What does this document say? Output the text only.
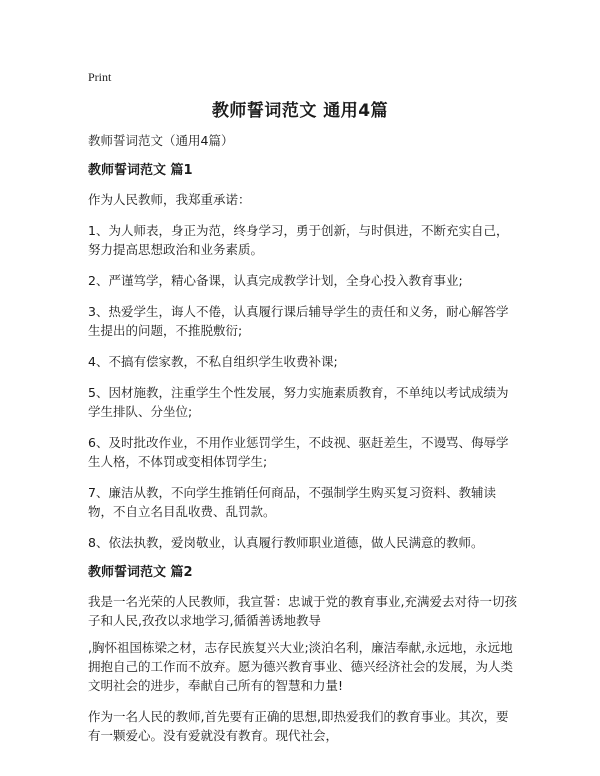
Print
教师誓词范文 通用4篇
教师誓词范文（通用4篇）
教师誓词范文 篇1

作为人民教师，我郑重承诺：

1、为人师表，身正为范，终身学习，勇于创新，与时俱进，不断充实自己，努力提高思想政治和业务素质。

2、严谨笃学，精心备课，认真完成教学计划，全身心投入教育事业;

3、热爱学生，诲人不倦，认真履行课后辅导学生的责任和义务，耐心解答学生提出的问题，不推脱敷衍;

4、不搞有偿家教，不私自组织学生收费补课;

5、因材施教，注重学生个性发展，努力实施素质教育，不单纯以考试成绩为学生排队、分坐位;

6、及时批改作业，不用作业惩罚学生，不歧视、驱赶差生，不谩骂、侮辱学生人格，不体罚或变相体罚学生;

7、廉洁从教，不向学生推销任何商品，不强制学生购买复习资料、教辅读物，不自立名目乱收费、乱罚款。

8、依法执教，爱岗敬业，认真履行教师职业道德，做人民满意的教师。

教师誓词范文 篇2

我是一名光荣的人民教师，我宣誓：忠诚于党的教育事业,充满爱去对待一切孩子和人民,孜孜以求地学习,循循善诱地教导

,胸怀祖国栋梁之材，志存民族复兴大业;淡泊名利，廉洁奉献,永远地，永远地拥抱自己的工作而不放弃。愿为德兴教育事业、德兴经济社会的发展，为人类文明社会的进步，奉献自己所有的智慧和力量!

作为一名人民的教师,首先要有正确的思想,即热爱我们的教育事业。其次，要有一颗爱心。没有爱就没有教育。现代社会，
